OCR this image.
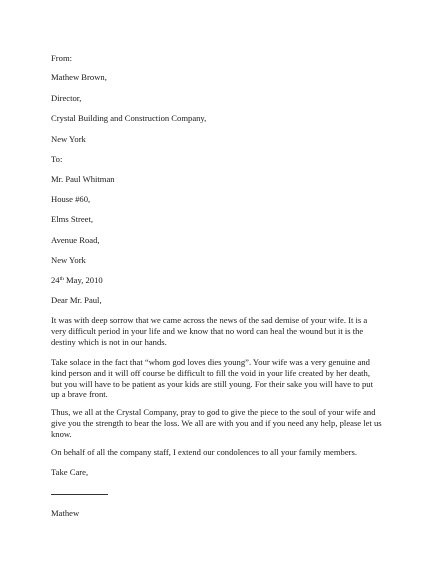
From:

Mathew Brown,

Director,

Crystal Building and Construction Company,

New York

To:

Mr. Paul Whitman

House #60,

Elms Street,

Avenue Road,

New York

24th May, 2010

Dear Mr. Paul,

It was with deep sorrow that we came across the news of the sad demise of your wife. It is a very difficult period in your life and we know that no word can heal the wound but it is the destiny which is not in our hands.

Take solace in the fact that “whom god loves dies young”. Your wife was a very genuine and kind person and it will off course be difficult to fill the void in your life created by her death, but you will have to be patient as your kids are still young. For their sake you will have to put up a brave front.

Thus, we all at the Crystal Company, pray to god to give the piece to the soul of your wife and give you the strength to bear the loss. We all are with you and if you need any help, please let us know.

On behalf of all the company staff, I extend our condolences to all your family members.

Take Care,

Mathew
